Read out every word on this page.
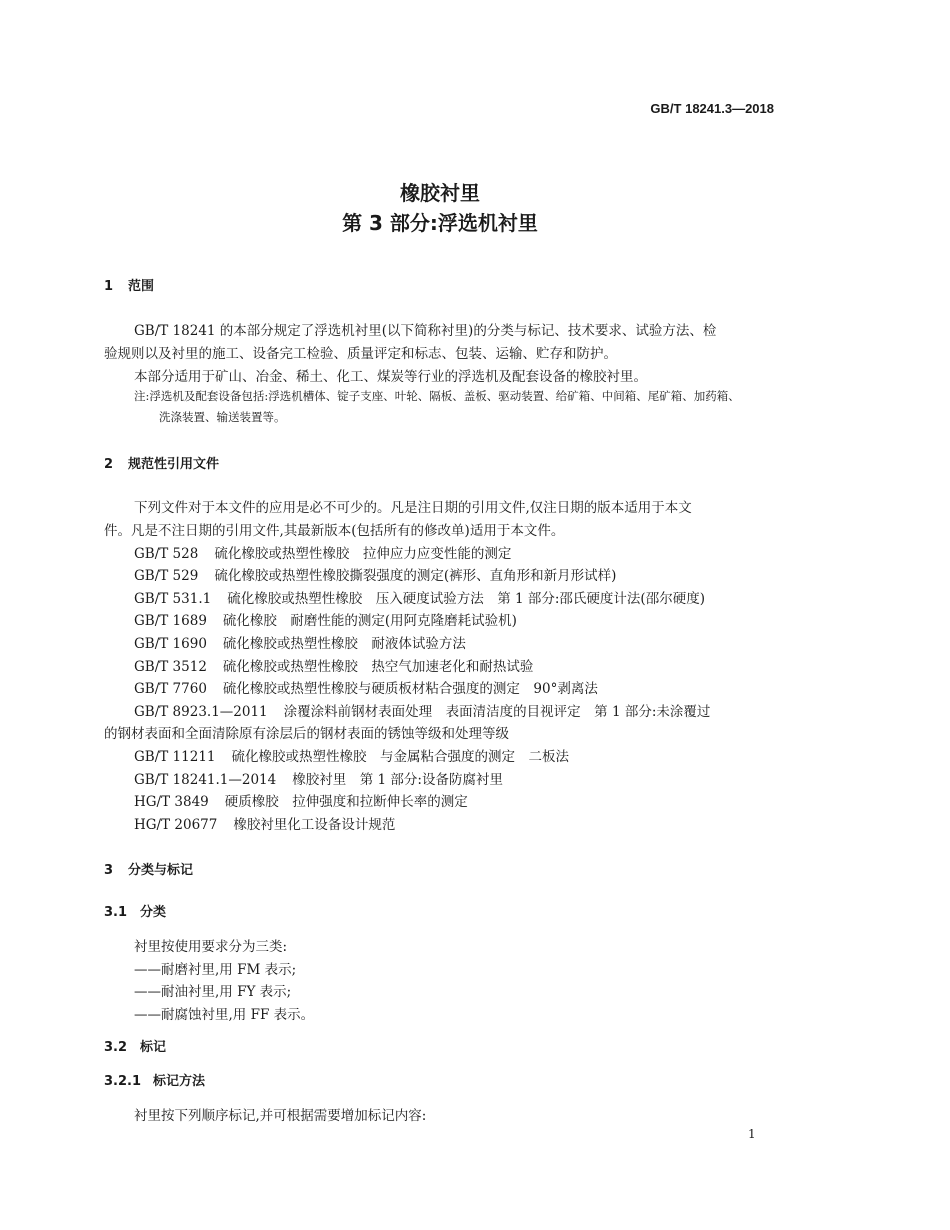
GB/T 18241.3—2018
橡胶衬里
第 3 部分:浮选机衬里
1 范围
GB/T 18241 的本部分规定了浮选机衬里(以下简称衬里)的分类与标记、技术要求、试验方法、检
验规则以及衬里的施工、设备完工检验、质量评定和标志、包装、运输、贮存和防护。
本部分适用于矿山、冶金、稀土、化工、煤炭等行业的浮选机及配套设备的橡胶衬里。
注:浮选机及配套设备包括:浮选机槽体、锭子支座、叶轮、隔板、盖板、驱动装置、给矿箱、中间箱、尾矿箱、加药箱、
洗涤装置、输送装置等。
2 规范性引用文件
下列文件对于本文件的应用是必不可少的。凡是注日期的引用文件,仅注日期的版本适用于本文
件。凡是不注日期的引用文件,其最新版本(包括所有的修改单)适用于本文件。
GB/T 528 硫化橡胶或热塑性橡胶　拉伸应力应变性能的测定
GB/T 529 硫化橡胶或热塑性橡胶撕裂强度的测定(裤形、直角形和新月形试样)
GB/T 531.1 硫化橡胶或热塑性橡胶　压入硬度试验方法　第 1 部分:邵氏硬度计法(邵尔硬度)
GB/T 1689 硫化橡胶　耐磨性能的测定(用阿克隆磨耗试验机)
GB/T 1690 硫化橡胶或热塑性橡胶　耐液体试验方法
GB/T 3512 硫化橡胶或热塑性橡胶　热空气加速老化和耐热试验
GB/T 7760 硫化橡胶或热塑性橡胶与硬质板材粘合强度的测定　90°剥离法
GB/T 8923.1—2011 涂覆涂料前钢材表面处理　表面清洁度的目视评定　第 1 部分:未涂覆过
的钢材表面和全面清除原有涂层后的钢材表面的锈蚀等级和处理等级
GB/T 11211 硫化橡胶或热塑性橡胶　与金属粘合强度的测定　二板法
GB/T 18241.1—2014 橡胶衬里　第 1 部分:设备防腐衬里
HG/T 3849 硬质橡胶　拉伸强度和拉断伸长率的测定
HG/T 20677 橡胶衬里化工设备设计规范
3 分类与标记
3.1 分类
衬里按使用要求分为三类:
——耐磨衬里,用 FM 表示;
——耐油衬里,用 FY 表示;
——耐腐蚀衬里,用 FF 表示。
3.2 标记
3.2.1 标记方法
衬里按下列顺序标记,并可根据需要增加标记内容:
1
